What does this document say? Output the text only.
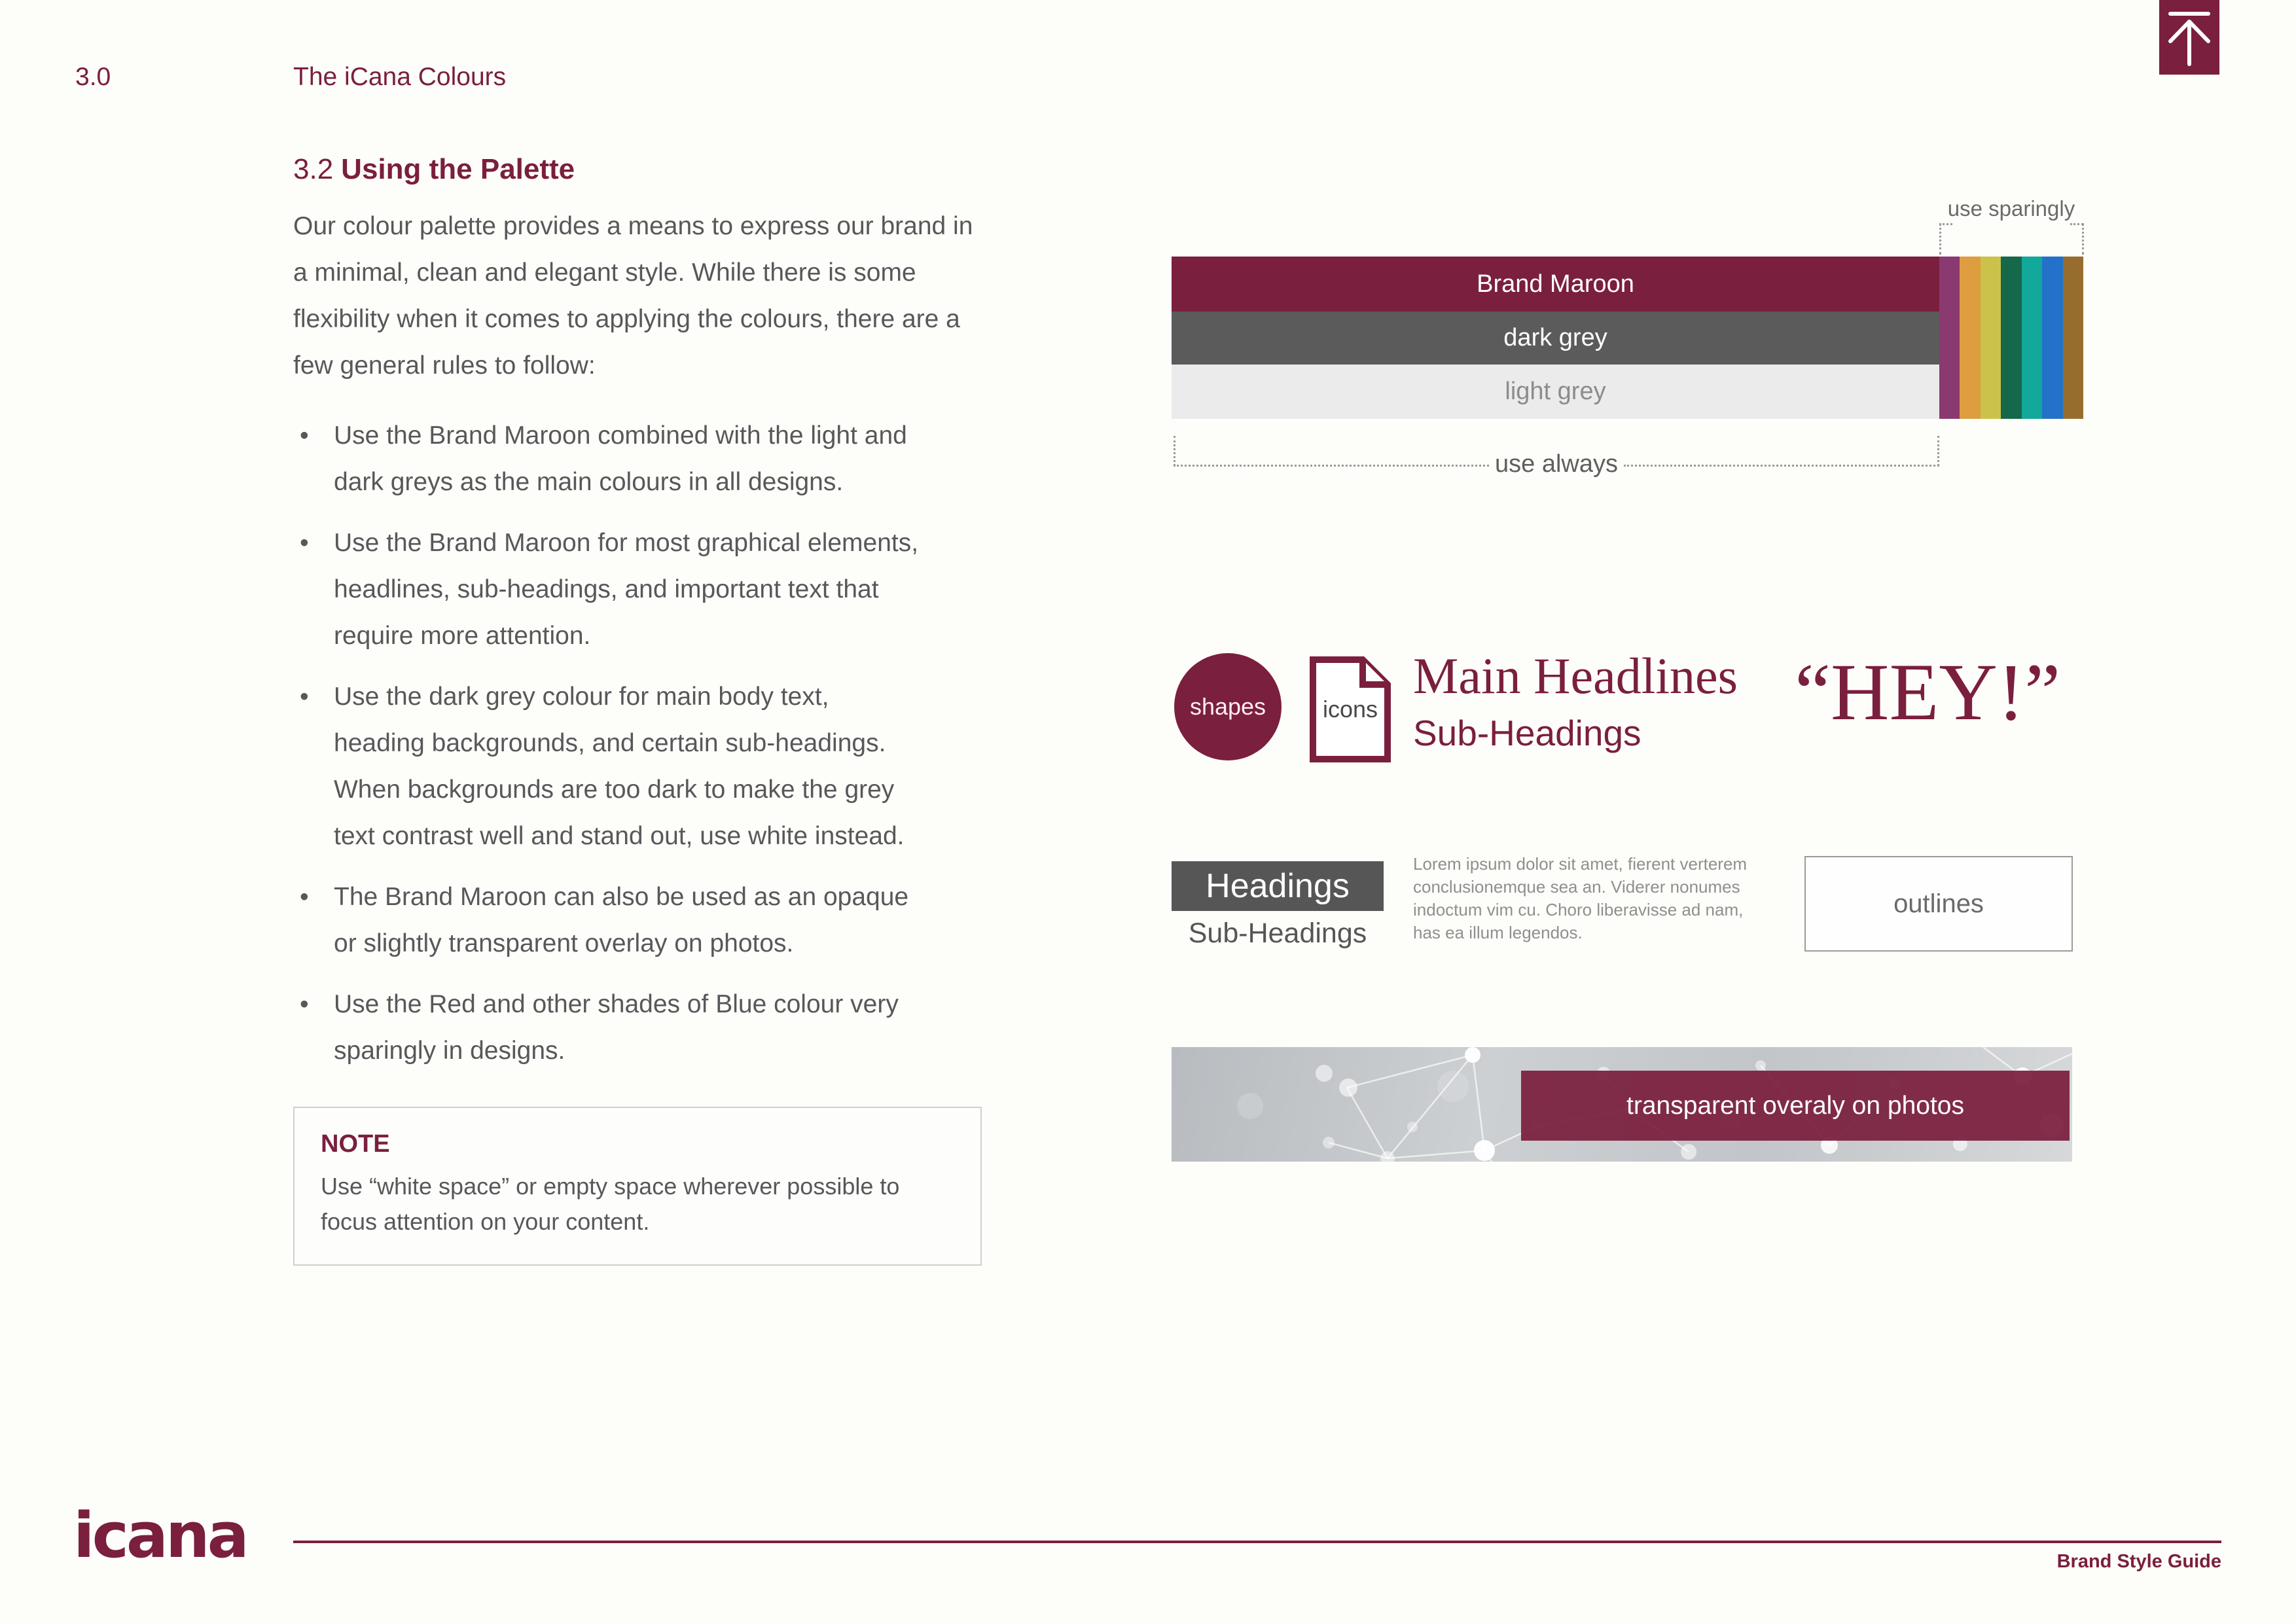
3.0	The iCana Colours
3.2 Using the Palette

Our colour palette provides a means to express our brand in a minimal, clean and elegant style. While there is some flexibility when it comes to applying the colours, there are a few general rules to follow:

• Use the Brand Maroon combined with the light and dark greys as the main colours in all designs.
• Use the Brand Maroon for most graphical elements, headlines, sub-headings, and important text that require more attention.
• Use the dark grey colour for main body text, heading backgrounds, and certain sub-headings. When backgrounds are too dark to make the grey text contrast well and stand out, use white instead.
• The Brand Maroon can also be used as an opaque or slightly transparent overlay on photos.
• Use the Red and other shades of Blue colour very sparingly in designs.
NOTE
Use “white space” or empty space wherever possible to focus attention on your content.
use sparingly
Brand Maroon
dark grey
light grey
use always
shapes	icons
Main Headlines
Sub-Headings “HEY!”
Headings
Sub-Headings
Lorem ipsum dolor sit amet, fierent verterem conclusionemque sea an. Viderer nonumes indoctum vim cu. Choro liberavisse ad nam, has ea illum legendos.
outlines
transparent overaly on photos
icana	Brand Style Guide
